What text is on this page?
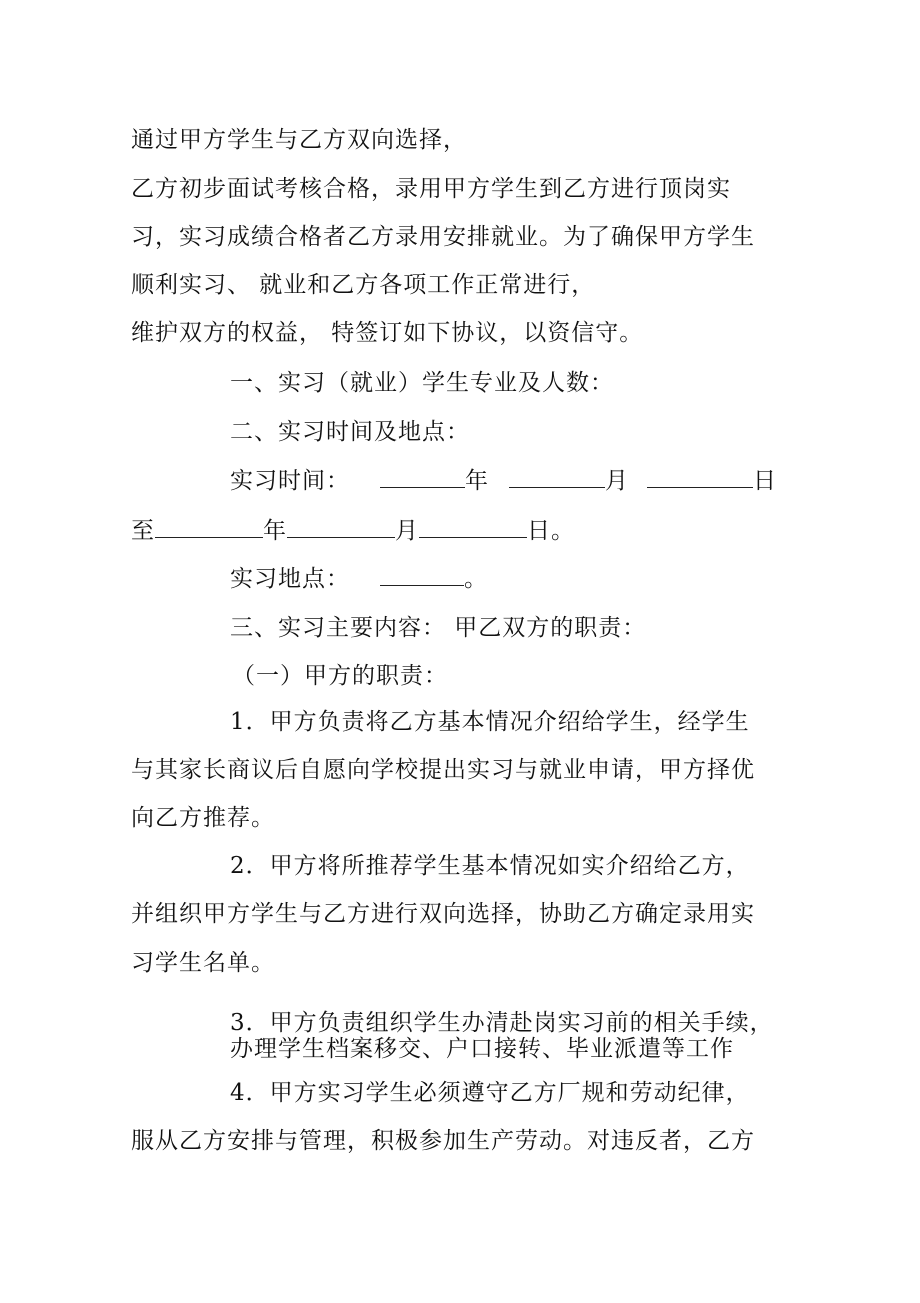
通过甲方学生与乙方双向选择，
乙方初步面试考核合格，录用甲方学生到乙方进行顶岗实
习，实习成绩合格者乙方录用安排就业。为了确保甲方学生
顺利实习、 就业和乙方各项工作正常进行，
维护双方的权益， 特签订如下协议，以资信守。
一、实习（就业）学生专业及人数：
二、实习时间及地点：
实习时间：	年	月	日
至	年	月	日。
实习地点：	。
三、实习主要内容： 甲乙双方的职责：
（一）甲方的职责：
1．甲方负责将乙方基本情况介绍给学生，经学生
与其家长商议后自愿向学校提出实习与就业申请，甲方择优
向乙方推荐。
2．甲方将所推荐学生基本情况如实介绍给乙方，
并组织甲方学生与乙方进行双向选择，协助乙方确定录用实
习学生名单。
3．甲方负责组织学生办清赴岗实习前的相关手续，
办理学生档案移交、户口接转、毕业派遣等工作
4．甲方实习学生必须遵守乙方厂规和劳动纪律，
服从乙方安排与管理，积极参加生产劳动。对违反者，乙方
